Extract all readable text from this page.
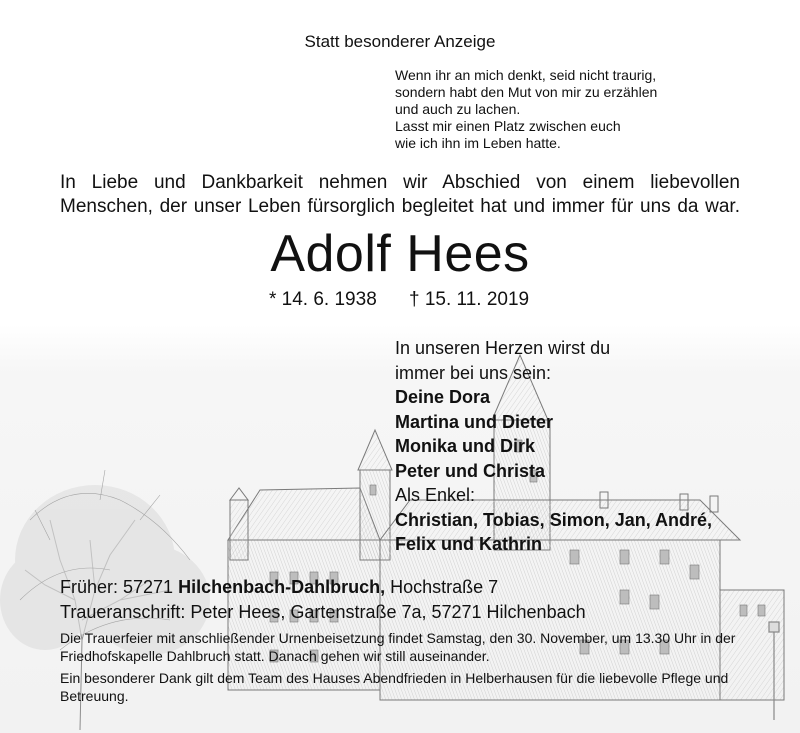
Statt besonderer Anzeige
Wenn ihr an mich denkt, seid nicht traurig,
sondern habt den Mut von mir zu erzählen
und auch zu lachen.
Lasst mir einen Platz zwischen euch
wie ich ihn im Leben hatte.
In Liebe und Dankbarkeit nehmen wir Abschied von einem liebevollen
Menschen, der unser Leben fürsorglich begleitet hat und immer für uns da war.
Adolf Hees
* 14. 6. 1938 † 15. 11. 2019
In unseren Herzen wirst du
immer bei uns sein:
Deine Dora
Martina und Dieter
Monika und Dirk
Peter und Christa
Als Enkel:
Christian, Tobias, Simon, Jan, André,
Felix und Kathrin
Früher: 57271 Hilchenbach-Dahlbruch, Hochstraße 7
Traueranschrift: Peter Hees, Gartenstraße 7a, 57271 Hilchenbach

Die Trauerfeier mit anschließender Urnenbeisetzung findet Samstag, den 30. November, um 13.30 Uhr in der Friedhofskapelle Dahlbruch statt. Danach gehen wir still auseinander.

Ein besonderer Dank gilt dem Team des Hauses Abendfrieden in Helberhausen für die liebevolle Pflege und Betreuung.
